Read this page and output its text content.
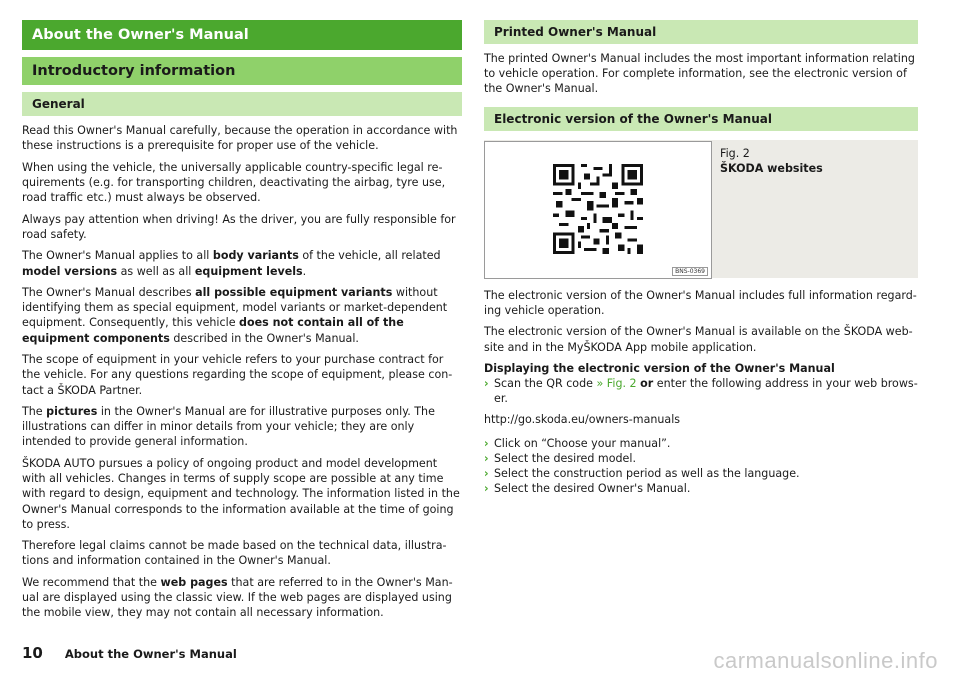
About the Owner's Manual
Introductory information
General

Read this Owner's Manual carefully, because the operation in accordance with these instructions is a prerequisite for proper use of the vehicle.

When using the vehicle, the universally applicable country-specific legal requirements (e.g. for transporting children, deactivating the airbag, tyre use, road traffic etc.) must always be observed.

Always pay attention when driving! As the driver, you are fully responsible for road safety.

The Owner's Manual applies to all body variants of the vehicle, all related model versions as well as all equipment levels.

The Owner's Manual describes all possible equipment variants without identifying them as special equipment, model variants or market-dependent equipment. Consequently, this vehicle does not contain all of the equipment components described in the Owner's Manual.

The scope of equipment in your vehicle refers to your purchase contract for the vehicle. For any questions regarding the scope of equipment, please contact a ŠKODA Partner.

The pictures in the Owner's Manual are for illustrative purposes only. The illustrations can differ in minor details from your vehicle; they are only intended to provide general information.

ŠKODA AUTO pursues a policy of ongoing product and model development with all vehicles. Changes in terms of supply scope are possible at any time with regard to design, equipment and technology. The information listed in the Owner's Manual corresponds to the information available at the time of going to press.

Therefore legal claims cannot be made based on the technical data, illustrations and information contained in the Owner's Manual.

We recommend that the web pages that are referred to in the Owner's Manual are displayed using the classic view. If the web pages are displayed using the mobile view, they may not contain all necessary information.

Printed Owner's Manual

The printed Owner's Manual includes the most important information relating to vehicle operation. For complete information, see the electronic version of the Owner's Manual.

Electronic version of the Owner's Manual
BNS-0369
Fig. 2
ŠKODA websites

The electronic version of the Owner's Manual includes full information regarding vehicle operation.

The electronic version of the Owner's Manual is available on the ŠKODA website and in the MyŠKODA App mobile application.

Displaying the electronic version of the Owner's Manual

› Scan the QR code » Fig. 2 or enter the following address in your web browser.

http://go.skoda.eu/owners-manuals

› Click on “Choose your manual”.
› Select the desired model.
› Select the construction period as well as the language.
› Select the desired Owner's Manual.
10 About the Owner's Manual	carmanualsonline.info
